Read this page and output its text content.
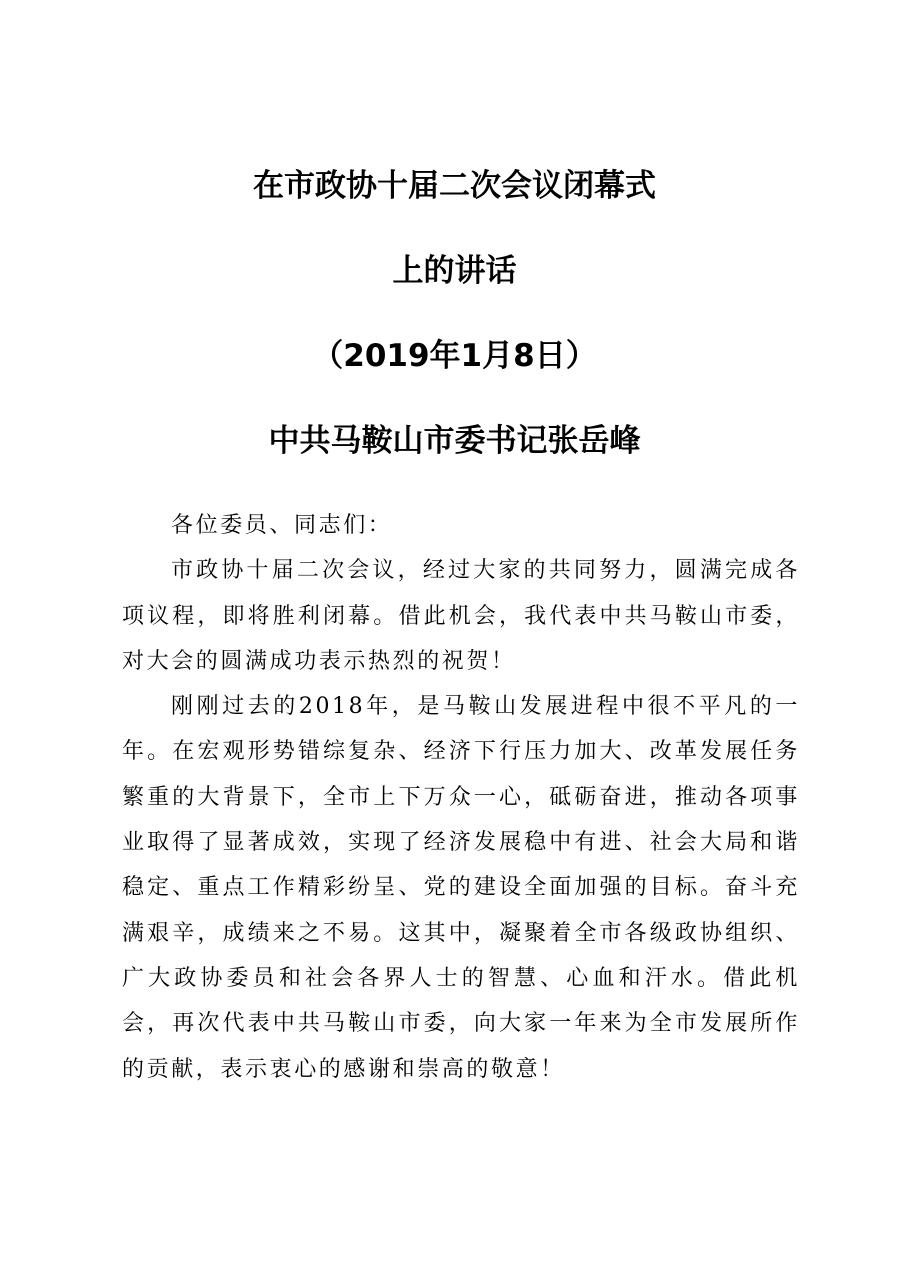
在市政协十届二次会议闭幕式
上的讲话
（2019年1月8日）
中共马鞍山市委书记张岳峰

各位委员、同志们：

市政协十届二次会议，经过大家的共同努力，圆满完成各项议程，即将胜利闭幕。借此机会，我代表中共马鞍山市委，对大会的圆满成功表示热烈的祝贺！

刚刚过去的2018年，是马鞍山发展进程中很不平凡的一年。在宏观形势错综复杂、经济下行压力加大、改革发展任务繁重的大背景下，全市上下万众一心，砥砺奋进，推动各项事业取得了显著成效，实现了经济发展稳中有进、社会大局和谐稳定、重点工作精彩纷呈、党的建设全面加强的目标。奋斗充满艰辛，成绩来之不易。这其中，凝聚着全市各级政协组织、广大政协委员和社会各界人士的智慧、心血和汗水。借此机会，再次代表中共马鞍山市委，向大家一年来为全市发展所作的贡献，表示衷心的感谢和崇高的敬意！
